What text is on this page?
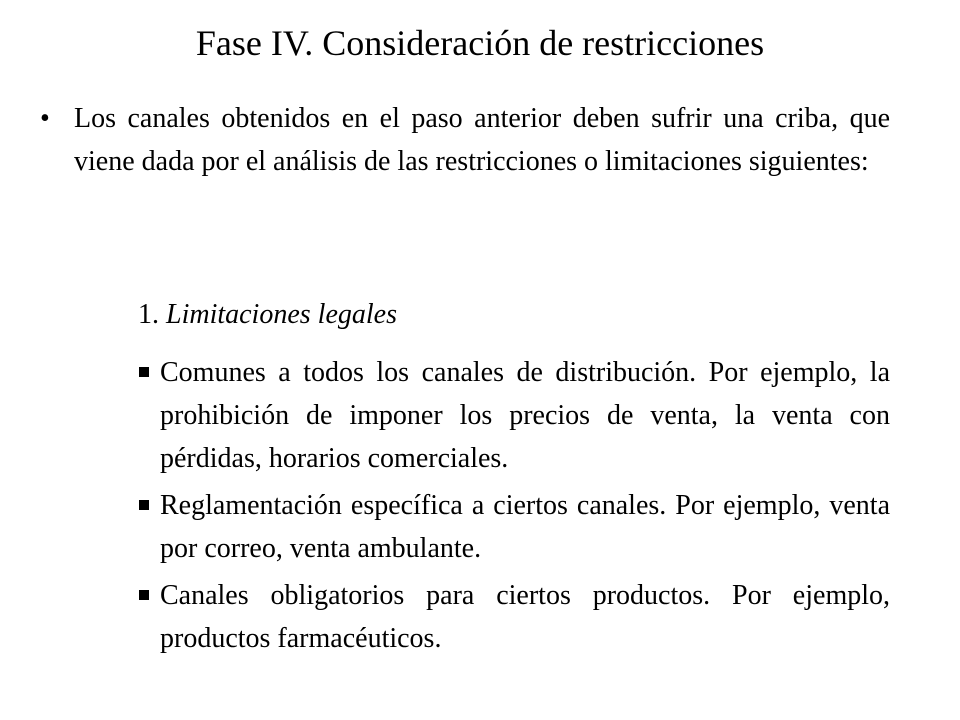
Fase IV. Consideración de restricciones
• Los canales obtenidos en el paso anterior deben sufrir una criba, que viene dada por el análisis de las restricciones o limitaciones siguientes:
1. Limitaciones legales
Comunes a todos los canales de distribución. Por ejemplo, la prohibición de imponer los precios de venta, la venta con pérdidas, horarios comerciales.
Reglamentación específica a ciertos canales. Por ejemplo, venta por correo, venta ambulante.
Canales obligatorios para ciertos productos. Por ejemplo, productos farmacéuticos.
